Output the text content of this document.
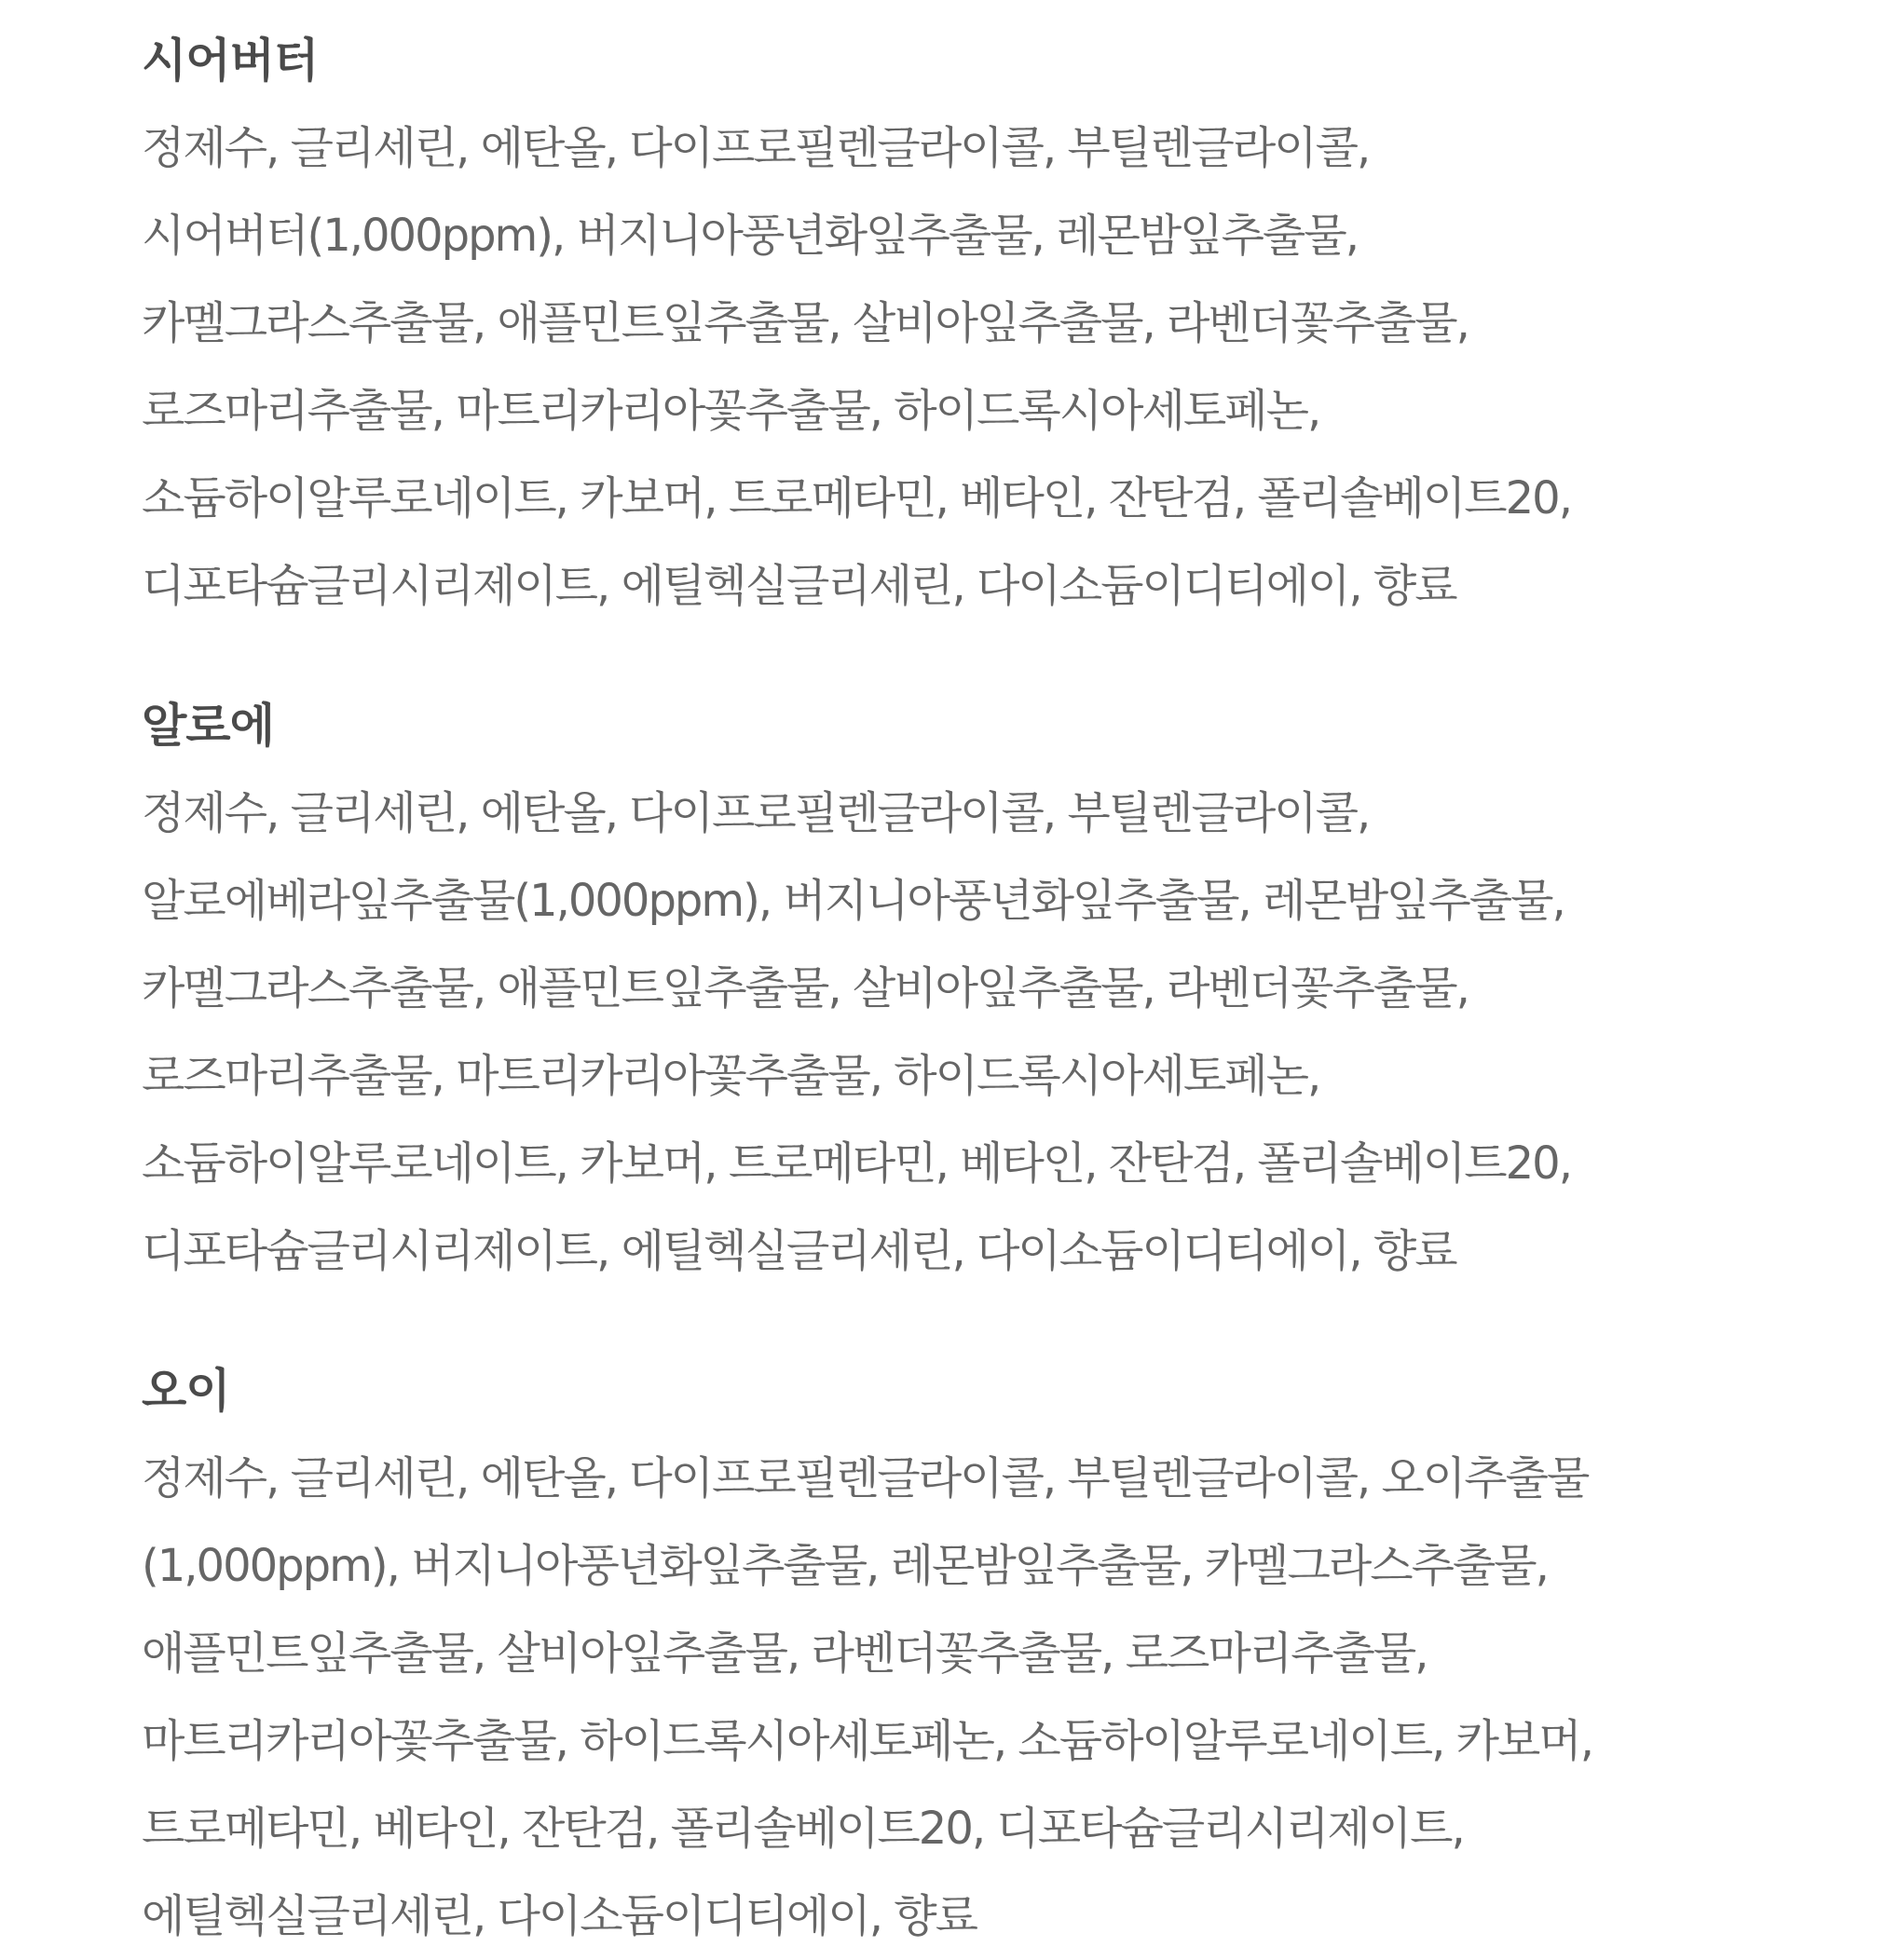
시어버터
정제수, 글리세린, 에탄올, 다이프로필렌글라이콜, 부틸렌글라이콜,
시어버터(1,000ppm), 버지니아풍년화잎추출물, 레몬밤잎추출물,
카멜그라스추출물, 애플민트잎추출물, 살비아잎추출물, 라벤더꽃추출물,
로즈마리추출물, 마트리카리아꽃추출물, 하이드록시아세토페논,
소듐하이알루로네이트, 카보머, 트로메타민, 베타인, 잔탄검, 폴리솔베이트20,
디포타슘글리시리제이트, 에틸헥실글리세린, 다이소듐이디티에이, 향료
알로에
정제수, 글리세린, 에탄올, 다이프로필렌글라이콜, 부틸렌글라이콜,
알로에베라잎추출물(1,000ppm), 버지니아풍년화잎추출물, 레몬밤잎추출물,
카멜그라스추출물, 애플민트잎추출물, 살비아잎추출물, 라벤더꽃추출물,
로즈마리추출물, 마트리카리아꽃추출물, 하이드록시아세토페논,
소듐하이알루로네이트, 카보머, 트로메타민, 베타인, 잔탄검, 폴리솔베이트20,
디포타슘글리시리제이트, 에틸헥실글리세린, 다이소듐이디티에이, 향료
오이
정제수, 글리세린, 에탄올, 다이프로필렌글라이콜, 부틸렌글라이콜, 오이추출물
(1,000ppm), 버지니아풍년화잎추출물, 레몬밤잎추출물, 카멜그라스추출물,
애플민트잎추출물, 살비아잎추출물, 라벤더꽃추출물, 로즈마리추출물,
마트리카리아꽃추출물, 하이드록시아세토페논, 소듐하이알루로네이트, 카보머,
트로메타민, 베타인, 잔탄검, 폴리솔베이트20, 디포타슘글리시리제이트,
에틸헥실글리세린, 다이소듐이디티에이, 향료
